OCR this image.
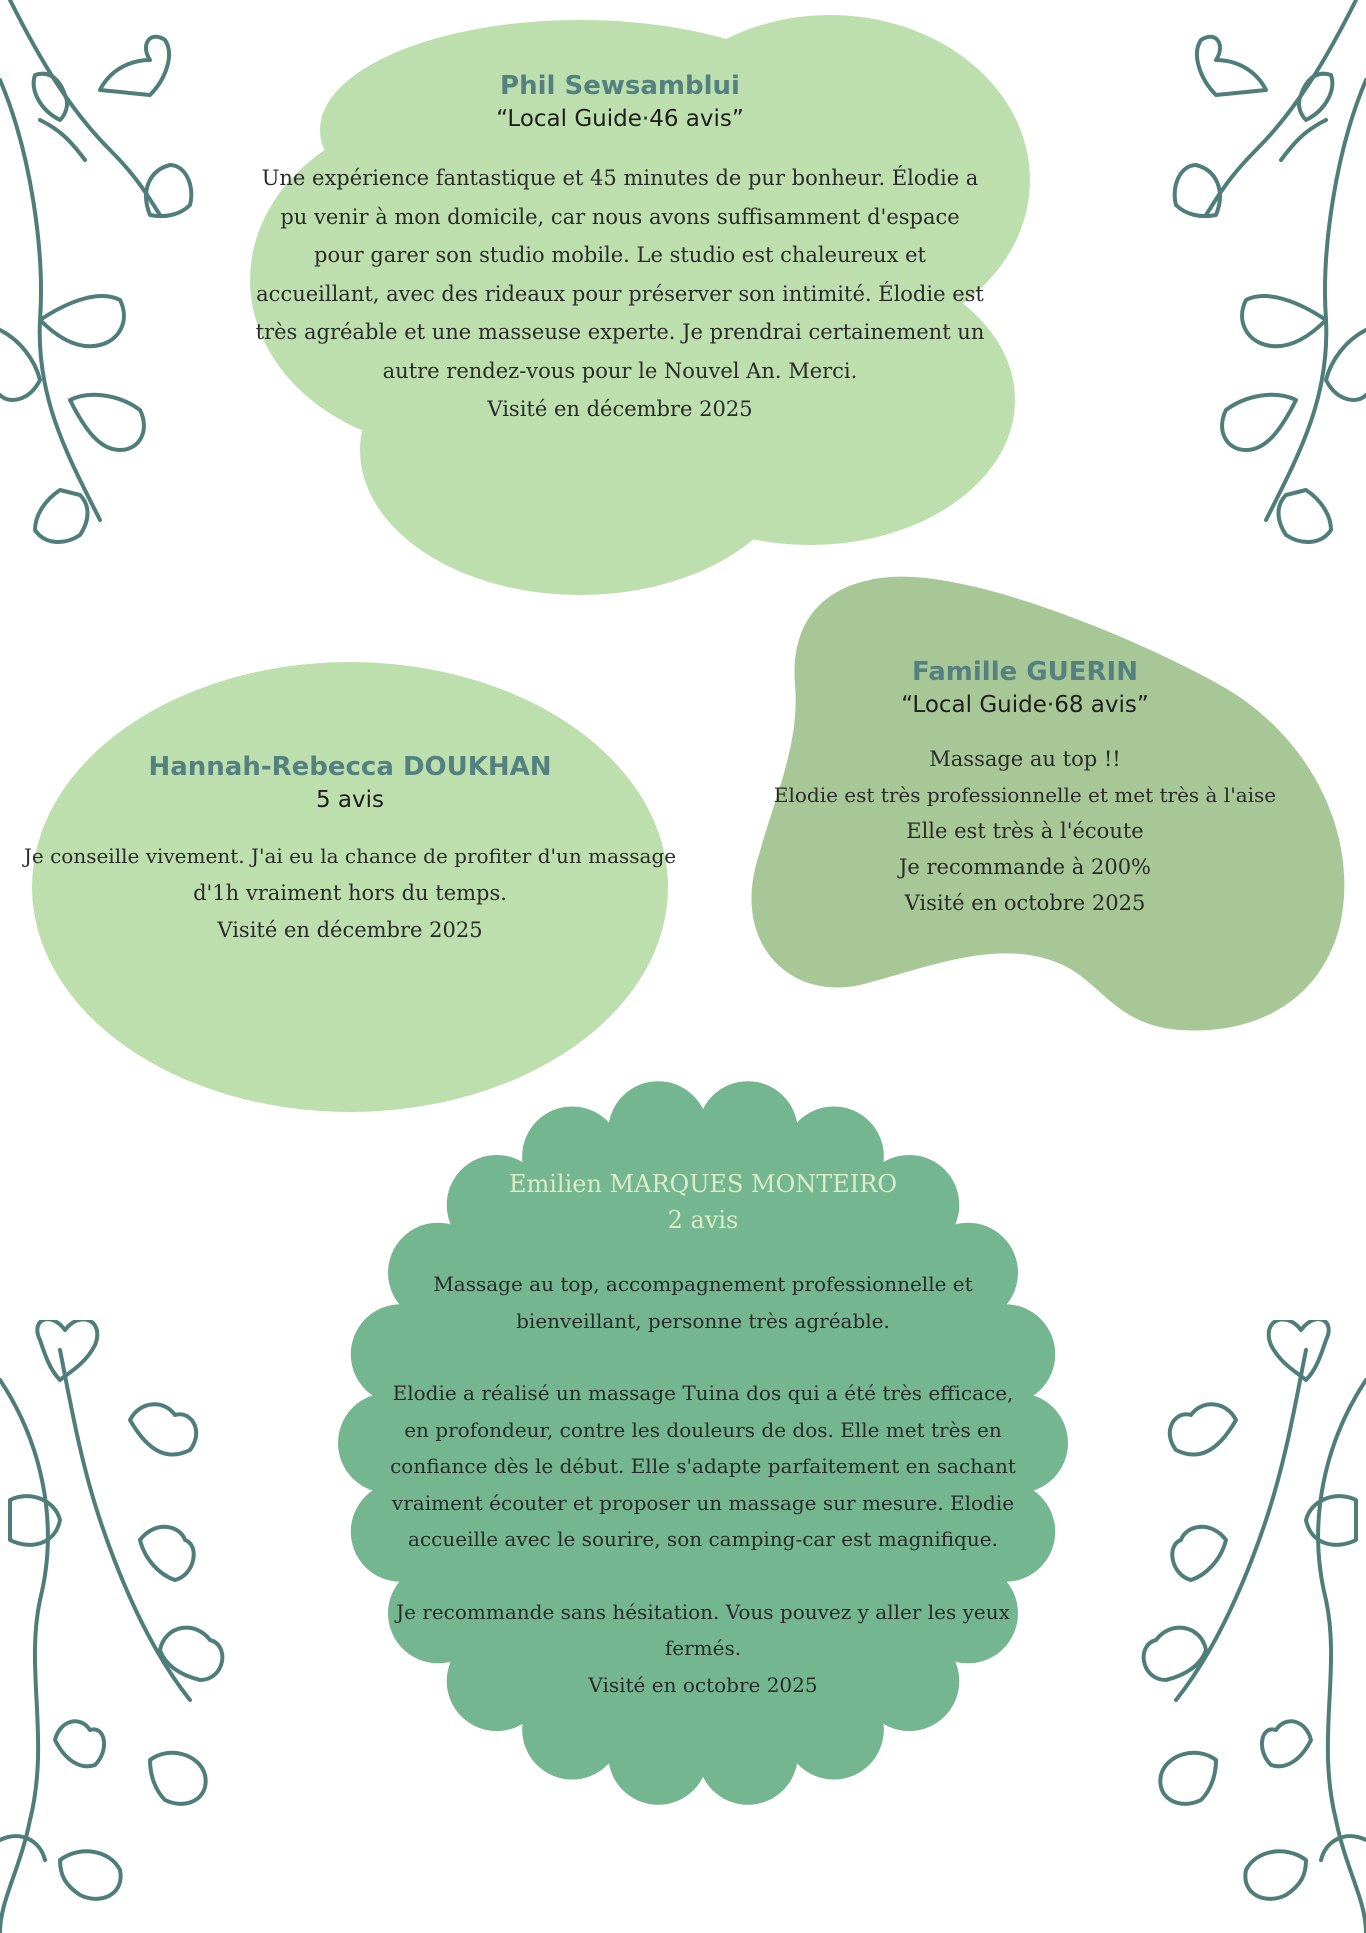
Phil Sewsamblui
“Local Guide·46 avis”

Une expérience fantastique et 45 minutes de pur bonheur. Élodie a

pu venir à mon domicile, car nous avons suffisamment d'espace

pour garer son studio mobile. Le studio est chaleureux et

accueillant, avec des rideaux pour préserver son intimité. Élodie est

très agréable et une masseuse experte. Je prendrai certainement un

autre rendez-vous pour le Nouvel An. Merci.

Visité en décembre 2025

Famille GUERIN
“Local Guide·68 avis”

Massage au top !!

Elodie est très professionnelle et met très à l'aise

Elle est très à l'écoute

Je recommande à 200%

Visité en octobre 2025

Hannah-Rebecca DOUKHAN
5 avis

Je conseille vivement. J'ai eu la chance de profiter d'un massage

d'1h vraiment hors du temps.

Visité en décembre 2025

Emilien MARQUES MONTEIRO
2 avis

Massage au top, accompagnement professionnelle et

bienveillant, personne très agréable.

Elodie a réalisé un massage Tuina dos qui a été très efficace,

en profondeur, contre les douleurs de dos. Elle met très en

confiance dès le début. Elle s'adapte parfaitement en sachant

vraiment écouter et proposer un massage sur mesure. Elodie

accueille avec le sourire, son camping-car est magnifique.

Je recommande sans hésitation. Vous pouvez y aller les yeux

fermés.

Visité en octobre 2025
